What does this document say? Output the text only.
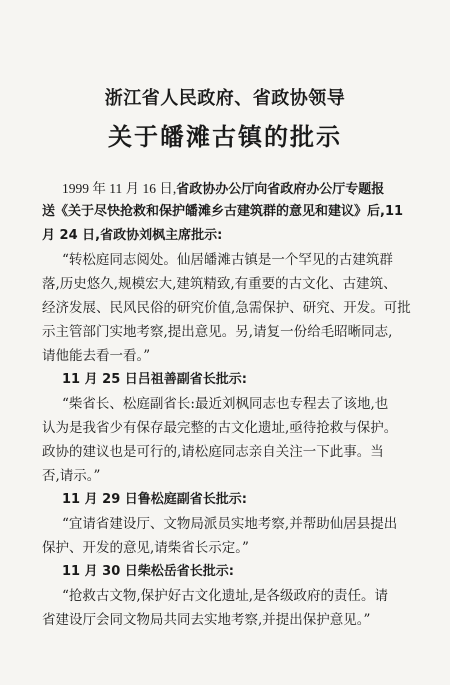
浙江省人民政府、省政协领导
关于皤滩古镇的批示
1999 年 11 月 16 日,省政协办公厅向省政府办公厅专题报
送《关于尽快抢救和保护皤滩乡古建筑群的意见和建议》后,11
月 24 日,省政协刘枫主席批示:
“转松庭同志阅处。仙居皤滩古镇是一个罕见的古建筑群
落,历史悠久,规模宏大,建筑精致,有重要的古文化、古建筑、
经济发展、民风民俗的研究价值,急需保护、研究、开发。可批
示主管部门实地考察,提出意见。另,请复一份给毛昭晰同志,
请他能去看一看。”
11 月 25 日吕祖善副省长批示:
“柴省长、松庭副省长:最近刘枫同志也专程去了该地,也
认为是我省少有保存最完整的古文化遗址,亟待抢救与保护。
政协的建议也是可行的,请松庭同志亲自关注一下此事。当
否,请示。”
11 月 29 日鲁松庭副省长批示:
“宜请省建设厅、文物局派员实地考察,并帮助仙居县提出
保护、开发的意见,请柴省长示定。”
11 月 30 日柴松岳省长批示:
“抢救古文物,保护好古文化遗址,是各级政府的责任。请
省建设厅会同文物局共同去实地考察,并提出保护意见。”
